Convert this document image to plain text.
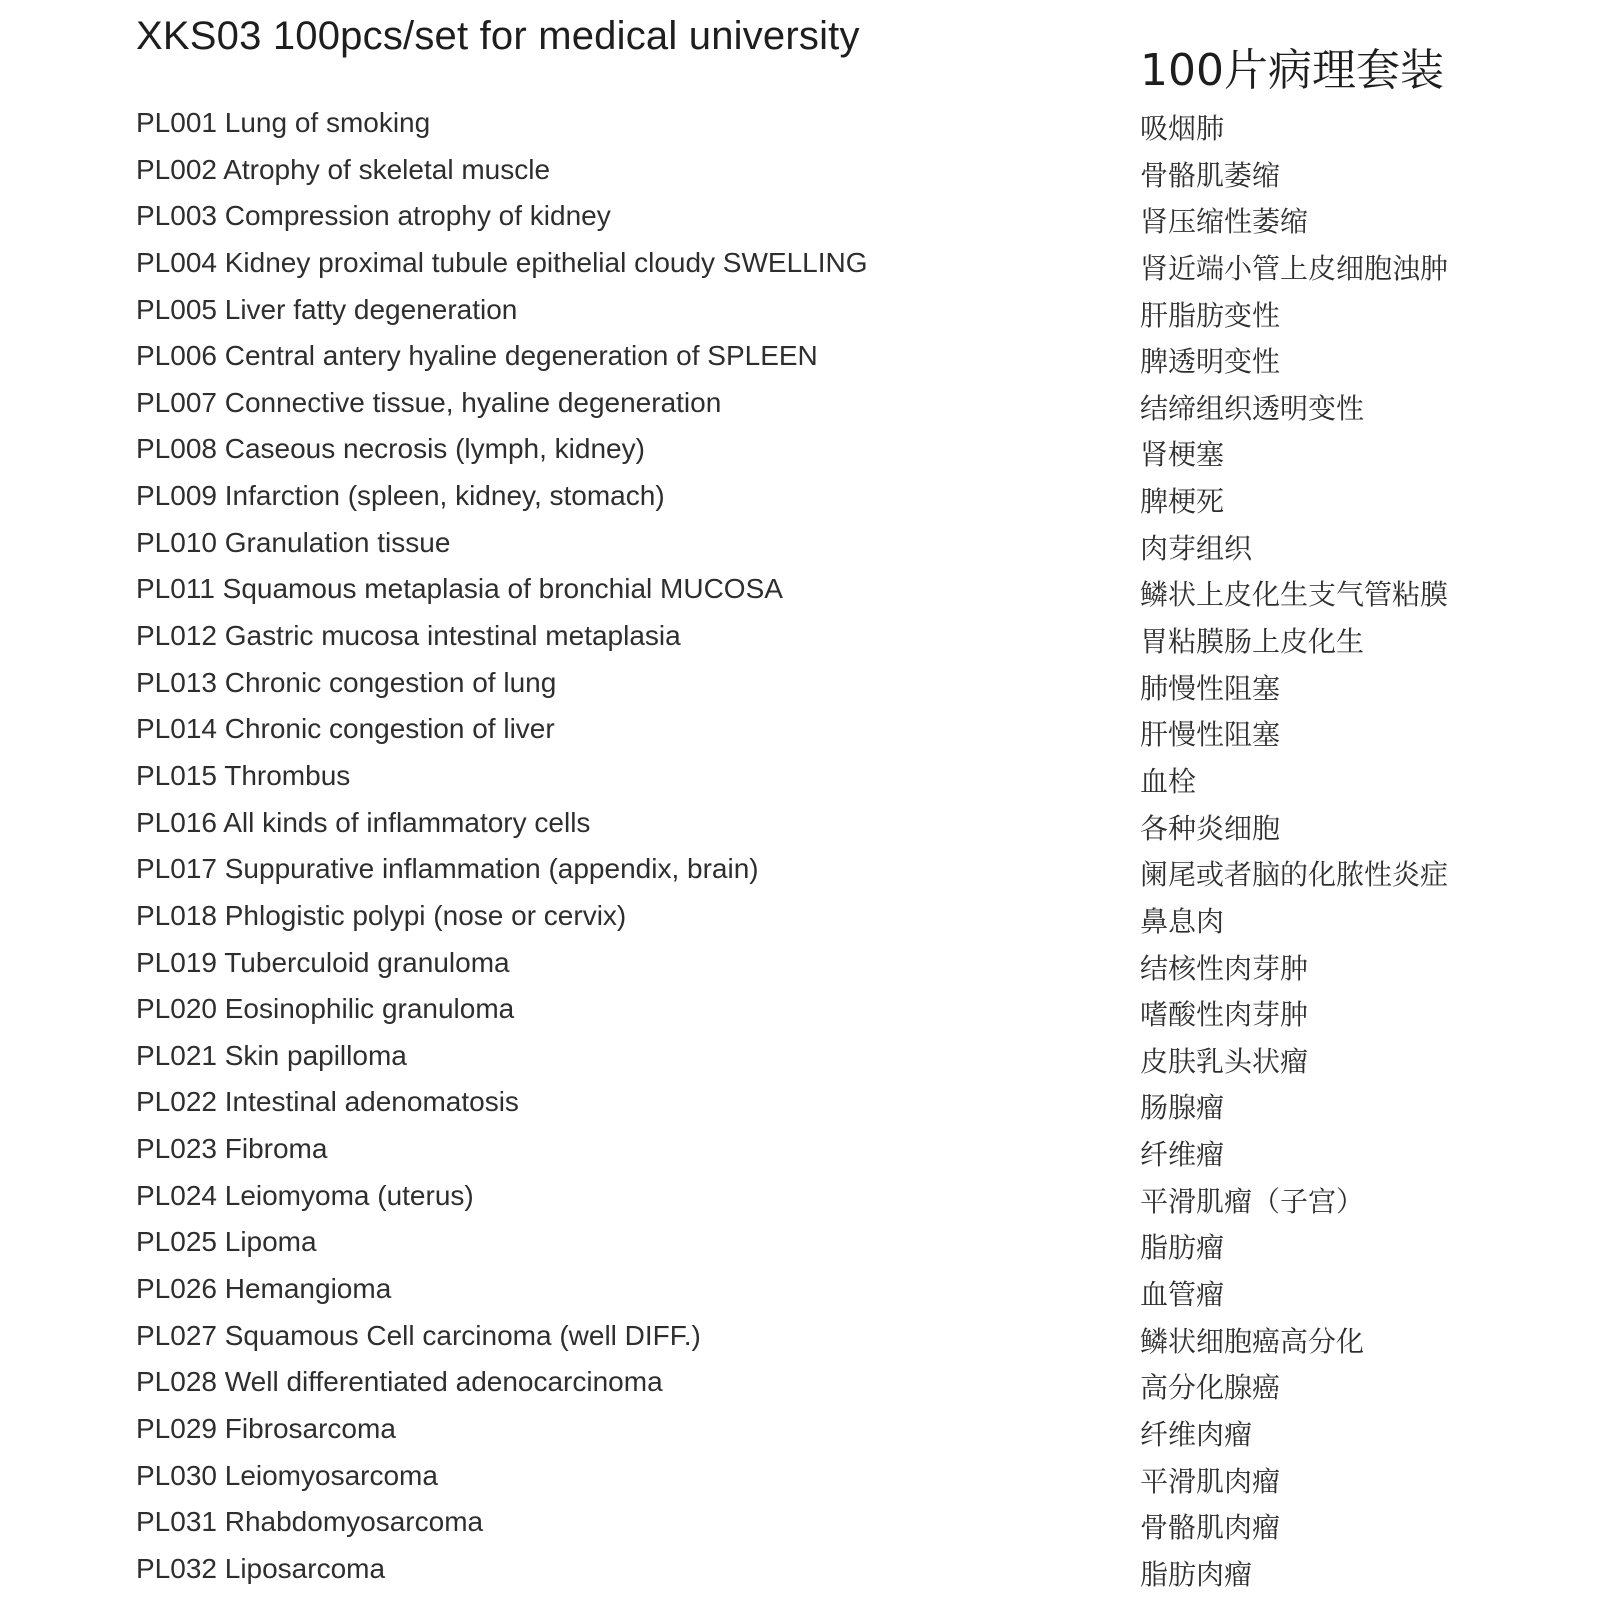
XKS03 100pcs/set for medical university
100片病理套装
PL001 Lung of smoking	吸烟肺
PL002 Atrophy of skeletal muscle	骨骼肌萎缩
PL003 Compression atrophy of kidney	肾压缩性萎缩
PL004 Kidney proximal tubule epithelial cloudy SWELLING	肾近端小管上皮细胞浊肿
PL005 Liver fatty degeneration	肝脂肪变性
PL006 Central antery hyaline degeneration of SPLEEN	脾透明变性
PL007 Connective tissue, hyaline degeneration	结缔组织透明变性
PL008 Caseous necrosis (lymph, kidney)	肾梗塞
PL009 Infarction (spleen, kidney, stomach)	脾梗死
PL010 Granulation tissue	肉芽组织
PL011 Squamous metaplasia of bronchial MUCOSA	鳞状上皮化生支气管粘膜
PL012 Gastric mucosa intestinal metaplasia	胃粘膜肠上皮化生
PL013 Chronic congestion of lung	肺慢性阻塞
PL014 Chronic congestion of liver	肝慢性阻塞
PL015 Thrombus	血栓
PL016 All kinds of inflammatory cells	各种炎细胞
PL017 Suppurative inflammation (appendix, brain)	阑尾或者脑的化脓性炎症
PL018 Phlogistic polypi (nose or cervix)	鼻息肉
PL019 Tuberculoid granuloma	结核性肉芽肿
PL020 Eosinophilic granuloma	嗜酸性肉芽肿
PL021 Skin papilloma	皮肤乳头状瘤
PL022 Intestinal adenomatosis	肠腺瘤
PL023 Fibroma	纤维瘤
PL024 Leiomyoma (uterus)	平滑肌瘤（子宫）
PL025 Lipoma	脂肪瘤
PL026 Hemangioma	血管瘤
PL027 Squamous Cell carcinoma (well DIFF.)	鳞状细胞癌高分化
PL028 Well differentiated adenocarcinoma	高分化腺癌
PL029 Fibrosarcoma	纤维肉瘤
PL030 Leiomyosarcoma	平滑肌肉瘤
PL031 Rhabdomyosarcoma	骨骼肌肉瘤
PL032 Liposarcoma	脂肪肉瘤
